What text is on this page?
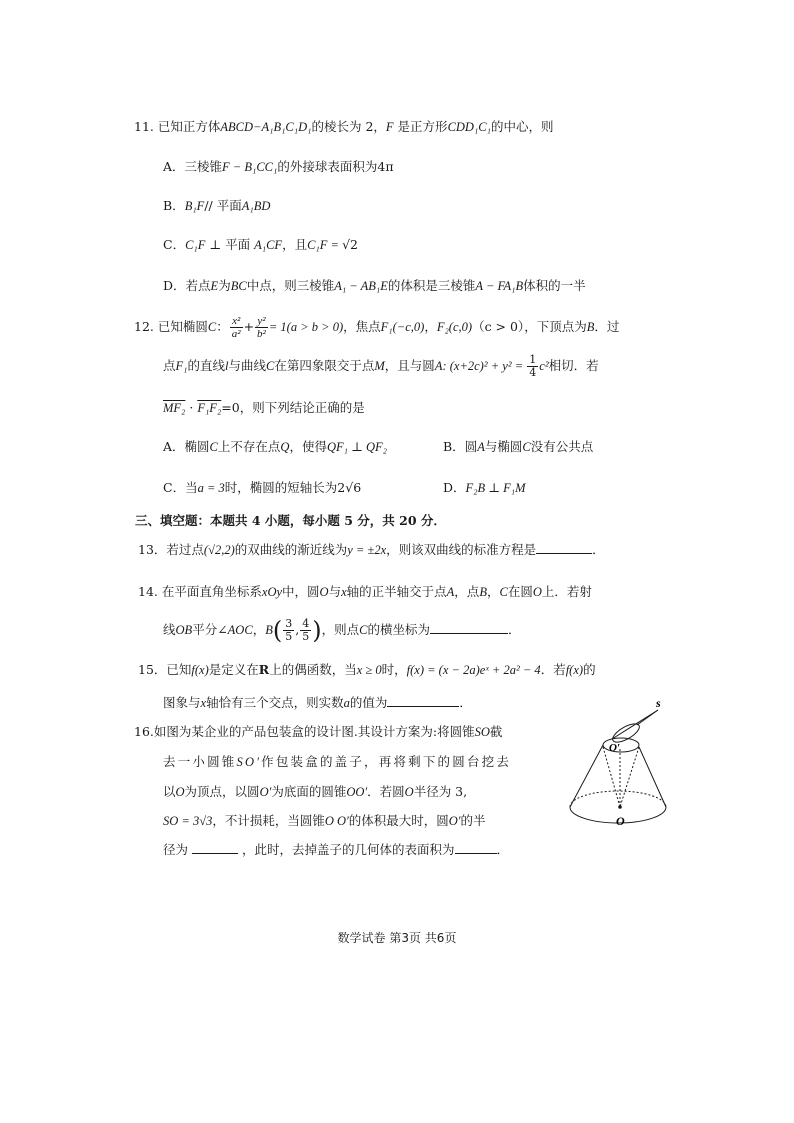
11. 已知正方体ABCD−A₁B₁C₁D₁的棱长为 2，F 是正方形CDD₁C₁的中心，则
A．三棱锥F − B₁CC₁的外接球表面积为4π
B．B₁F// 平面A₁BD
C．C₁F ⊥ 平面 A₁CF，且C₁F = √2
D．若点E为BC中点，则三棱锥A₁ − AB₁E的体积是三棱锥A − FA₁B体积的一半
12. 已知椭圆C： $\frac{\text{x²}}{\text{a²}} + \frac{\text{y²}}{\text{b²}} = 1(a > b > 0)$，焦点F₁(−c,0)，F₂(c,0)（c > 0），下顶点为B．过
点F₁的直线l与曲线C在第四象限交于点M，且与圆A: $(x+2c)^2 + y^2 = \frac{1}{4} c^2$相切．若
MF₂ · F₁F₂=0，则下列结论正确的是
A．椭圆C上不存在点Q，使得QF₁ ⊥ QF₂	B．圆A与椭圆C没有公共点
C．当a = 3时，椭圆的短轴长为2√6	D．F₂B ⊥ F₁M
三、填空题：本题共 4 小题，每小题 5 分，共 20 分．
13．若过点(√2,2)的双曲线的渐近线为y = ±2x，则该双曲线的标准方程是	．
14. 在平面直角坐标系xOy中，圆O与x轴的正半轴交于点A，点B，C在圆O上．若射
线OB平分∠AOC，$B( \frac{3}{5}$ , $\frac{4}{5}$ )，则点C的横坐标为	．
15．已知f(x)是定义在R上的偶函数，当x ≥ 0时，f(x) = (x − 2a)eˣ + 2a² − 4．若f(x)的
图象与x轴恰有三个交点，则实数a的值为	．
16.如图为某企业的产品包装盒的设计图.其设计方案为:将圆锥SO截
去一小圆锥SO′作包装盒的盖子，再将剩下的圆台挖去
以O为顶点，以圆O′为底面的圆锥OO′．若圆O半径为 3,
SO = 3√3，不计损耗，当圆锥O O′的体积最大时，圆O′的半
径为	，此时，去掉盖子的几何体的表面积为	．
s
O′
O
数学试卷 第3页 共6页
